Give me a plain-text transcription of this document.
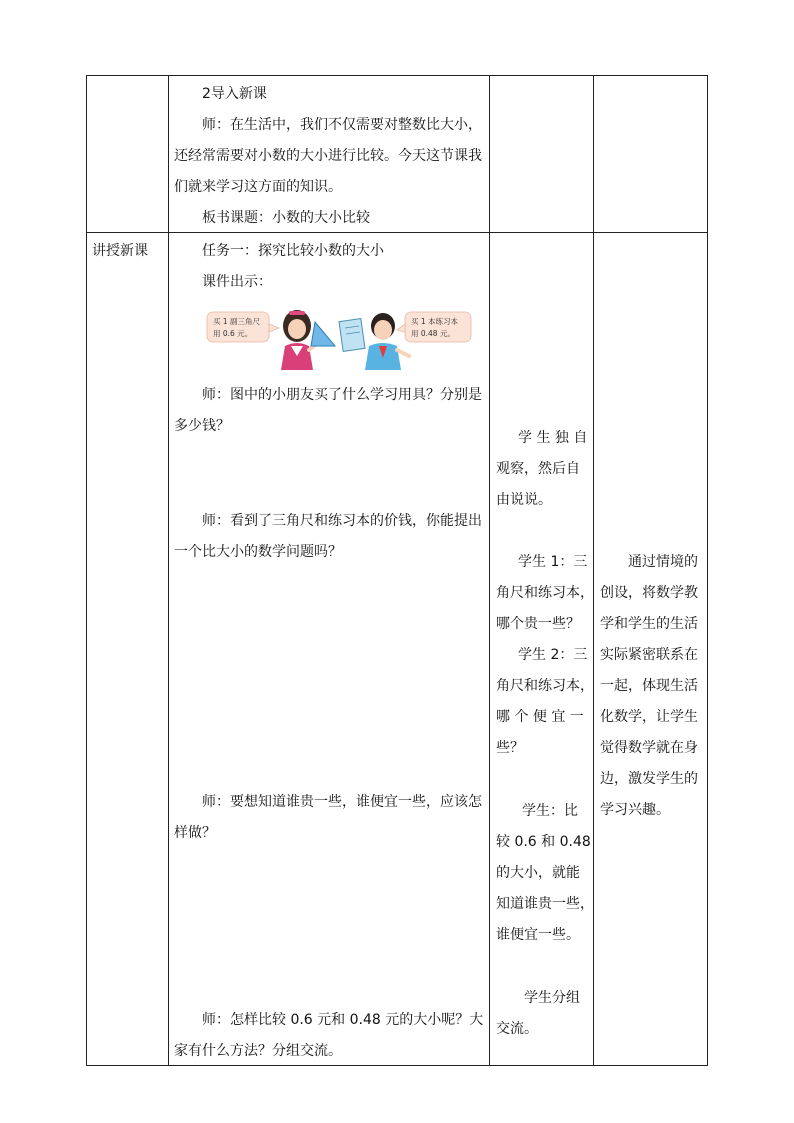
2导入新课
师：在生活中，我们不仅需要对整数比大小，
还经常需要对小数的大小进行比较。今天这节课我
们就来学习这方面的知识。
板书课题：小数的大小比较
讲授新课	任务一：探究比较小数的大小
课件出示：
买 1 副三角尺
用 0.6 元。
买 1 本练习本
用 0.48 元。
师：图中的小朋友买了什么学习用具？分别是
多少钱？
师：看到了三角尺和练习本的价钱，你能提出
一个比大小的数学问题吗？
师：要想知道谁贵一些，谁便宜一些，应该怎
样做？
师：怎样比较 0.6 元和 0.48 元的大小呢？大
家有什么方法？分组交流。
学 生 独 自
观察，然后自
由说说。
学生 1：三
角尺和练习本，
哪个贵一些？
学生 2：三
角尺和练习本，
哪 个 便 宜 一
些？
学生：比
较 0.6 和 0.48
的大小，就能
知道谁贵一些，
谁便宜一些。
学生分组
交流。
通过情境的
创设，将数学教
学和学生的生活
实际紧密联系在
一起，体现生活
化数学，让学生
觉得数学就在身
边，激发学生的
学习兴趣。
